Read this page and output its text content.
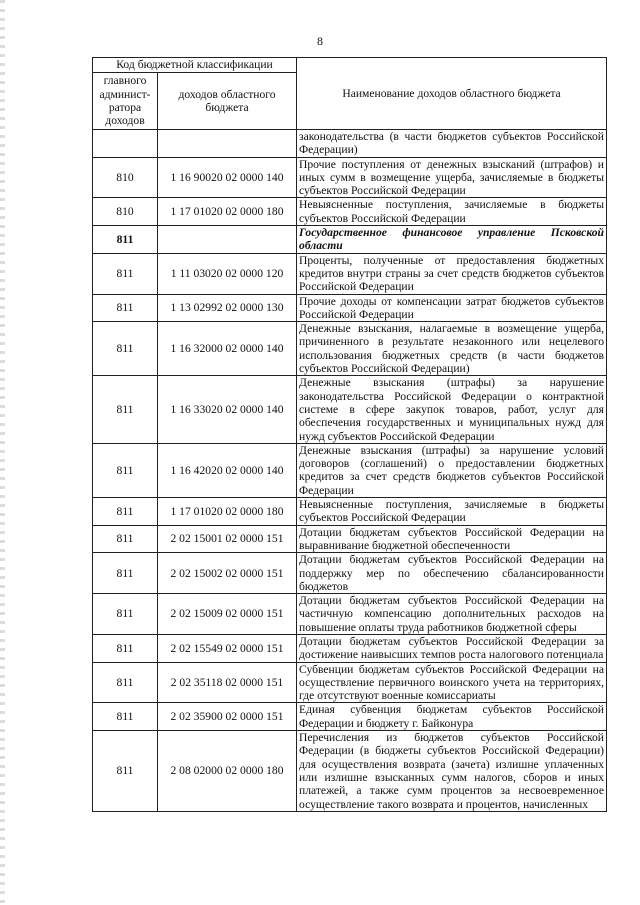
8
Код бюджетной классификации		Наименование доходов областного бюджета
главного админист-ратора доходов	доходов областного бюджета	
		законодательства (в части бюджетов субъектов Российской Федерации)
810	1 16 90020 02 0000 140	Прочие поступления от денежных взысканий (штрафов) и иных сумм в возмещение ущерба, зачисляемые в бюджеты субъектов Российской Федерации
810	1 17 01020 02 0000 180	Невыясненные поступления, зачисляемые в бюджеты субъектов Российской Федерации
811		Государственное финансовое управление Псковской области
811	1 11 03020 02 0000 120	Проценты, полученные от предоставления бюджетных кредитов внутри страны за счет средств бюджетов субъектов Российской Федерации
811	1 13 02992 02 0000 130	Прочие доходы от компенсации затрат бюджетов субъектов Российской Федерации
811	1 16 32000 02 0000 140	Денежные взыскания, налагаемые в возмещение ущерба, причиненного в результате незаконного или нецелевого использования бюджетных средств (в части бюджетов субъектов Российской Федерации)
811	1 16 33020 02 0000 140	Денежные взыскания (штрафы) за нарушение законодательства Российской Федерации о контрактной системе в сфере закупок товаров, работ, услуг для обеспечения государственных и муниципальных нужд для нужд субъектов Российской Федерации
811	1 16 42020 02 0000 140	Денежные взыскания (штрафы) за нарушение условий договоров (соглашений) о предоставлении бюджетных кредитов за счет средств бюджетов субъектов Российской Федерации
811	1 17 01020 02 0000 180	Невыясненные поступления, зачисляемые в бюджеты субъектов Российской Федерации
811	2 02 15001 02 0000 151	Дотации бюджетам субъектов Российской Федерации на выравнивание бюджетной обеспеченности
811	2 02 15002 02 0000 151	Дотации бюджетам субъектов Российской Федерации на поддержку мер по обеспечению сбалансированности бюджетов
811	2 02 15009 02 0000 151	Дотации бюджетам субъектов Российской Федерации на частичную компенсацию дополнительных расходов на повышение оплаты труда работников бюджетной сферы
811	2 02 15549 02 0000 151	Дотации бюджетам субъектов Российской Федерации за достижение наивысших темпов роста налогового потенциала
811	2 02 35118 02 0000 151	Субвенции бюджетам субъектов Российской Федерации на осуществление первичного воинского учета на территориях, где отсутствуют военные комиссариаты
811	2 02 35900 02 0000 151	Единая субвенция бюджетам субъектов Российской Федерации и бюджету г. Байконура
811	2 08 02000 02 0000 180	Перечисления из бюджетов субъектов Российской Федерации (в бюджеты субъектов Российской Федерации) для осуществления возврата (зачета) излишне уплаченных или излишне взысканных сумм налогов, сборов и иных платежей, а также сумм процентов за несвоевременное осуществление такого возврата и процентов, начисленных
